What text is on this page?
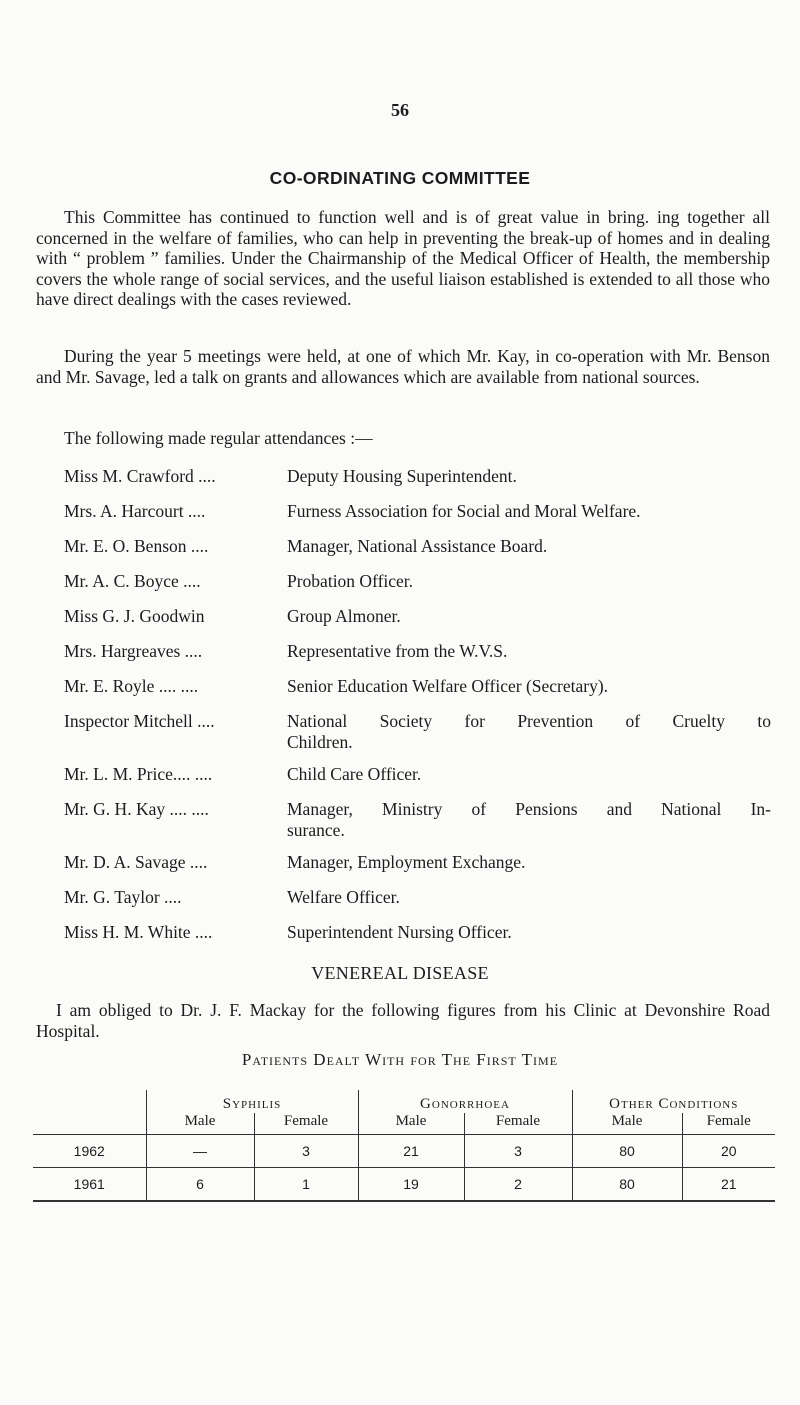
56
CO-ORDINATING COMMITTEE

This Committee has continued to function well and is of great value in bring. ing together all concerned in the welfare of families, who can help in preventing the break-up of homes and in dealing with “ problem ” families. Under the Chairmanship of the Medical Officer of Health, the membership covers the whole range of social services, and the useful liaison established is extended to all those who have direct dealings with the cases reviewed.

During the year 5 meetings were held, at one of which Mr. Kay, in co-operation with Mr. Benson and Mr. Savage, led a talk on grants and allowances which are available from national sources.

The following made regular attendances :—
Miss M. Crawford ....	Deputy Housing Superintendent.
Mrs. A. Harcourt ....	Furness Association for Social and Moral Welfare.
Mr. E. O. Benson ....	Manager, National Assistance Board.
Mr. A. C. Boyce ....	Probation Officer.
Miss G. J. Goodwin	Group Almoner.
Mrs. Hargreaves ....	Representative from the W.V.S.
Mr. E. Royle .... ....	Senior Education Welfare Officer (Secretary).
Inspector Mitchell ....	National Society for Prevention of Cruelty to
Children.
Mr. L. M. Price.... ....	Child Care Officer.
Mr. G. H. Kay .... ....	Manager, Ministry of Pensions and National In-
surance.
Mr. D. A. Savage ....	Manager, Employment Exchange.
Mr. G. Taylor ....	Welfare Officer.
Miss H. M. White ....	Superintendent Nursing Officer.
VENEREAL DISEASE

I am obliged to Dr. J. F. Mackay for the following figures from his Clinic at Devonshire Road Hospital.

Patients Dealt With for The First Time
	Syphilis		Gonorrhoea		Other Conditions	
	Male	Female	Male	Female	Male	Female
1962	—	3	21	3	80	20
1961	6	1	19	2	80	21
